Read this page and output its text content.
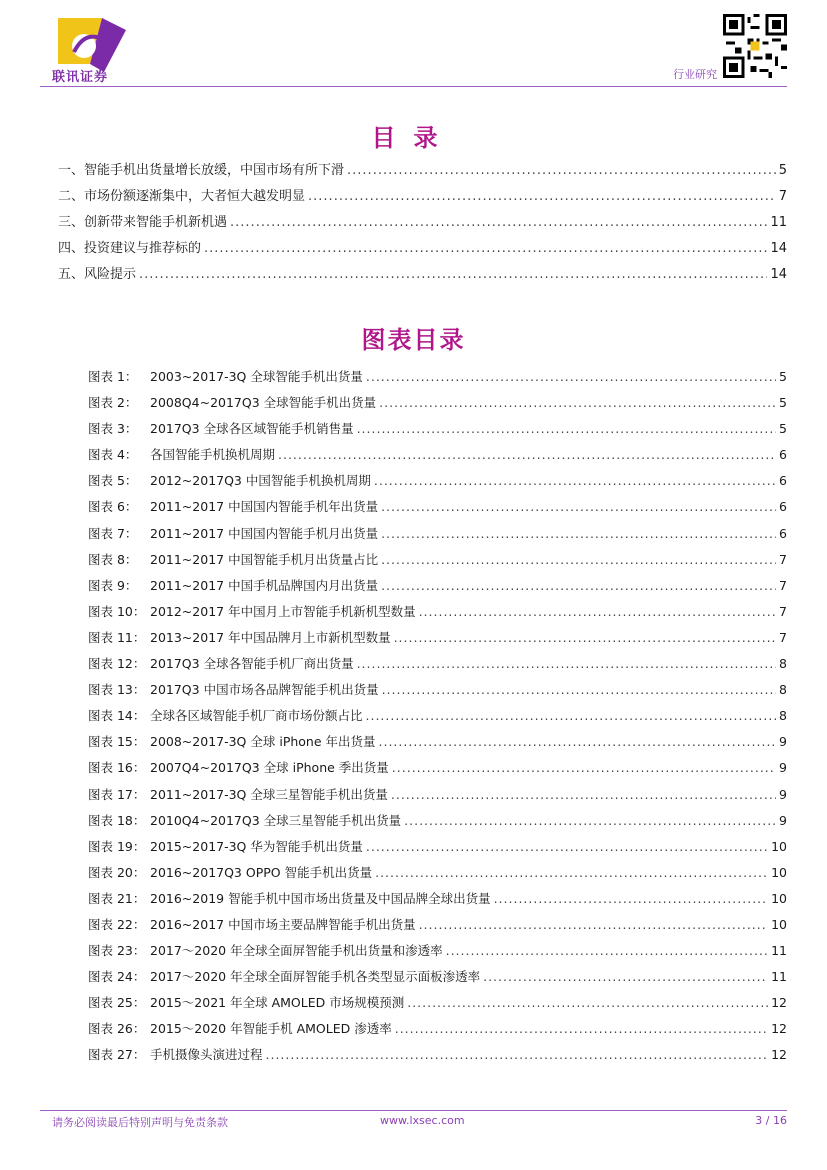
联讯证券	行业研究
目录
一、 智能手机出货量增长放缓，中国市场有所下滑 .....	5
二、 市场份额逐渐集中，大者恒大越发明显 .....	7
三、 创新带来智能手机新机遇 .....	11
四、 投资建议与推荐标的 .....	14
五、 风险提示 .....	14
图表目录
图表 1：	2003~2017-3Q 全球智能手机出货量 .....	5
图表 2：	2008Q4~2017Q3 全球智能手机出货量 .....	5
图表 3：	2017Q3 全球各区域智能手机销售量 .....	5
图表 4：	各国智能手机换机周期 .....	6
图表 5：	2012~2017Q3 中国智能手机换机周期 .....	6
图表 6：	2011~2017 中国国内智能手机年出货量 .....	6
图表 7：	2011~2017 中国国内智能手机月出货量 .....	6
图表 8：	2011~2017 中国智能手机月出货量占比 .....	7
图表 9：	2011~2017 中国手机品牌国内月出货量 .....	7
图表 10： 2012~2017 年中国月上市智能手机新机型数量 .....	7
图表 11： 2013~2017 年中国品牌月上市新机型数量 .....	7
图表 12： 2017Q3 全球各智能手机厂商出货量 .....	8
图表 13： 2017Q3 中国市场各品牌智能手机出货量 .....	8
图表 14： 全球各区域智能手机厂商市场份额占比 .....	8
图表 15： 2008~2017-3Q 全球 iPhone 年出货量 .....	9
图表 16： 2007Q4~2017Q3 全球 iPhone 季出货量 .....	9
图表 17： 2011~2017-3Q 全球三星智能手机出货量 .....	9
图表 18： 2010Q4~2017Q3 全球三星智能手机出货量 .....	9
图表 19： 2015~2017-3Q 华为智能手机出货量 .....	10
图表 20： 2016~2017Q3 OPPO 智能手机出货量 .....	10
图表 21： 2016~2019 智能手机中国市场出货量及中国品牌全球出货量 .....	10
图表 22： 2016~2017 中国市场主要品牌智能手机出货量 .....	10
图表 23： 2017～2020 年全球全面屏智能手机出货量和渗透率 .....	11
图表 24： 2017～2020 年全球全面屏智能手机各类型显示面板渗透率 .....	11
图表 25： 2015～2021 年全球 AMOLED 市场规模预测 .....	12
图表 26： 2015～2020 年智能手机 AMOLED 渗透率 .....	12
图表 27： 手机摄像头演进过程 .....	12
请务必阅读最后特别声明与免责条款	www.lxsec.com	3 / 16
